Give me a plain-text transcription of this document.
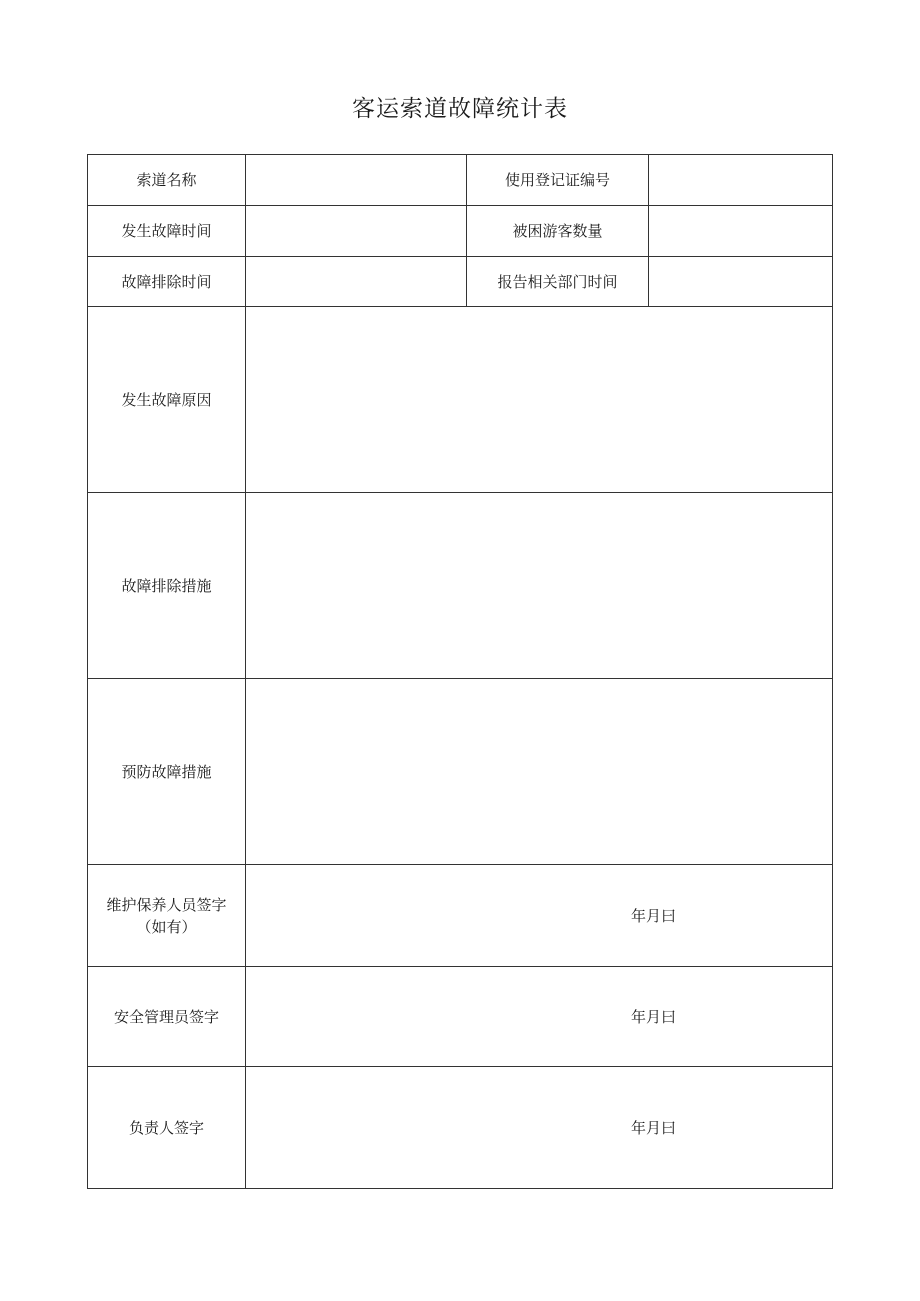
客运索道故障统计表
索道名称		使用登记证编号	
发生故障时间		被困游客数量	
故障排除时间		报告相关部门时间	
发生故障原因			
故障排除措施			
预防故障措施			

维护保养人员签字
（如有）	年月曰		

安全管理员签字	年月曰		

负责人签字	年月曰		
